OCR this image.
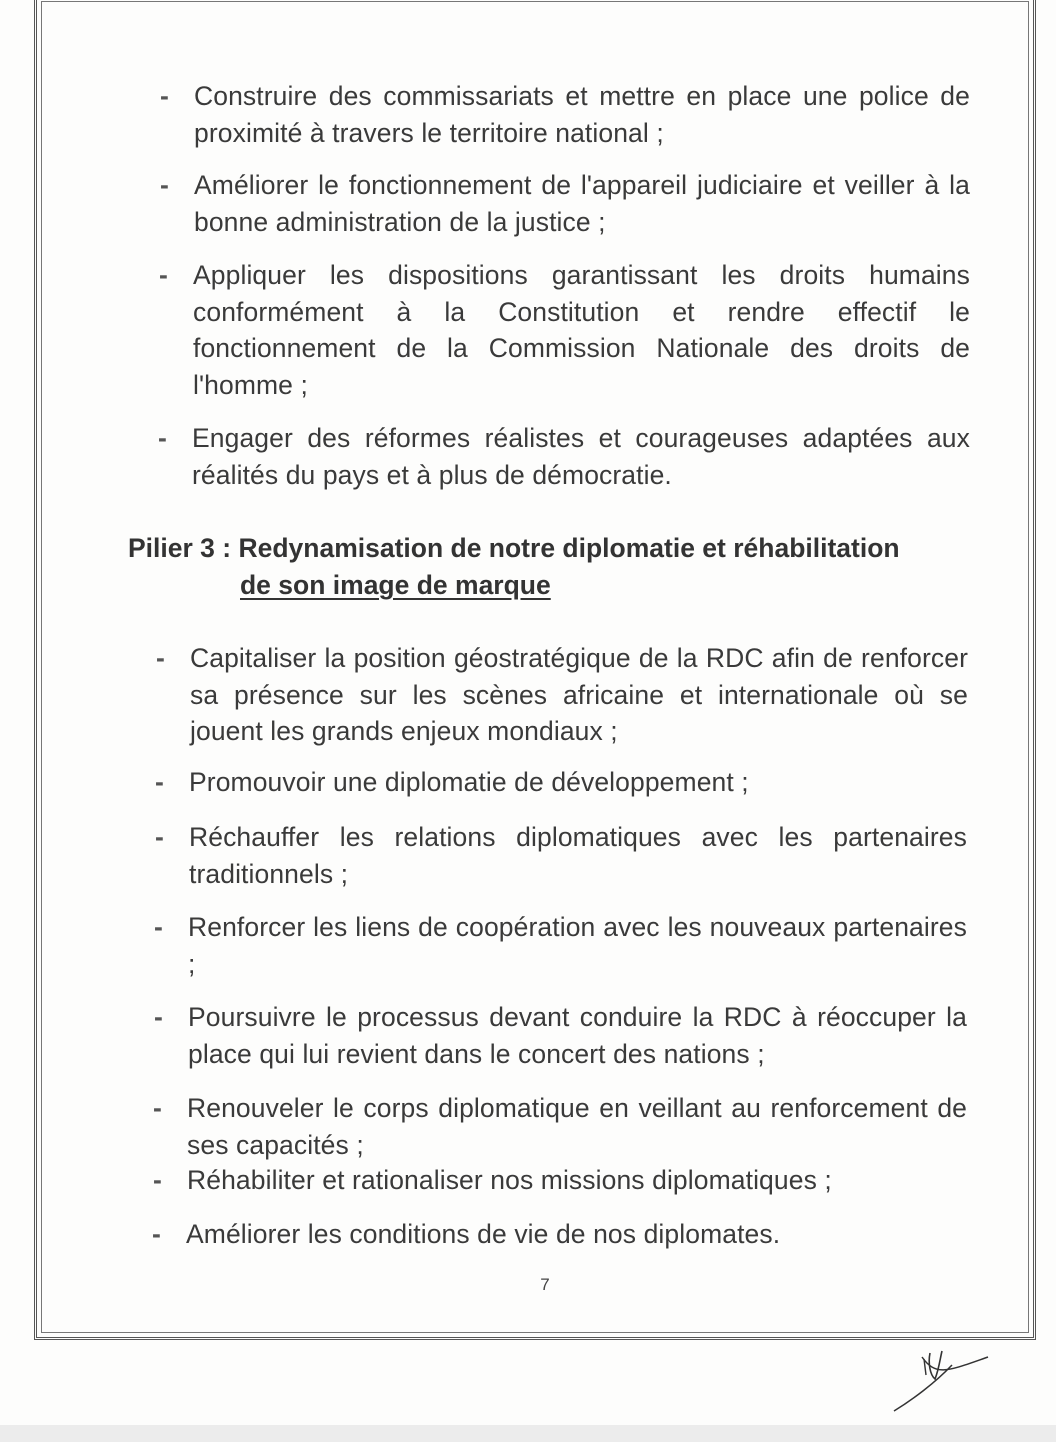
- Construire des commissariats et mettre en place une police de proximité à travers le territoire national ;
- Améliorer le fonctionnement de l'appareil judiciaire et veiller à la bonne administration de la justice ;
- Appliquer les dispositions garantissant les droits humains conformément à la Constitution et rendre effectif le fonctionnement de la Commission Nationale des droits de l'homme ;
- Engager des réformes réalistes et courageuses adaptées aux réalités du pays et à plus de démocratie.
Pilier 3 : Redynamisation de notre diplomatie et réhabilitation
de son image de marque
- Capitaliser la position géostratégique de la RDC afin de renforcer sa présence sur les scènes africaine et internationale où se jouent les grands enjeux mondiaux ;
- Promouvoir une diplomatie de développement ;
- Réchauffer les relations diplomatiques avec les partenaires traditionnels ;
- Renforcer les liens de coopération avec les nouveaux partenaires ;
- Poursuivre le processus devant conduire la RDC à réoccuper la place qui lui revient dans le concert des nations ;
- Renouveler le corps diplomatique en veillant au renforcement de ses capacités ;
- Réhabiliter et rationaliser nos missions diplomatiques ;
- Améliorer les conditions de vie de nos diplomates.
7
